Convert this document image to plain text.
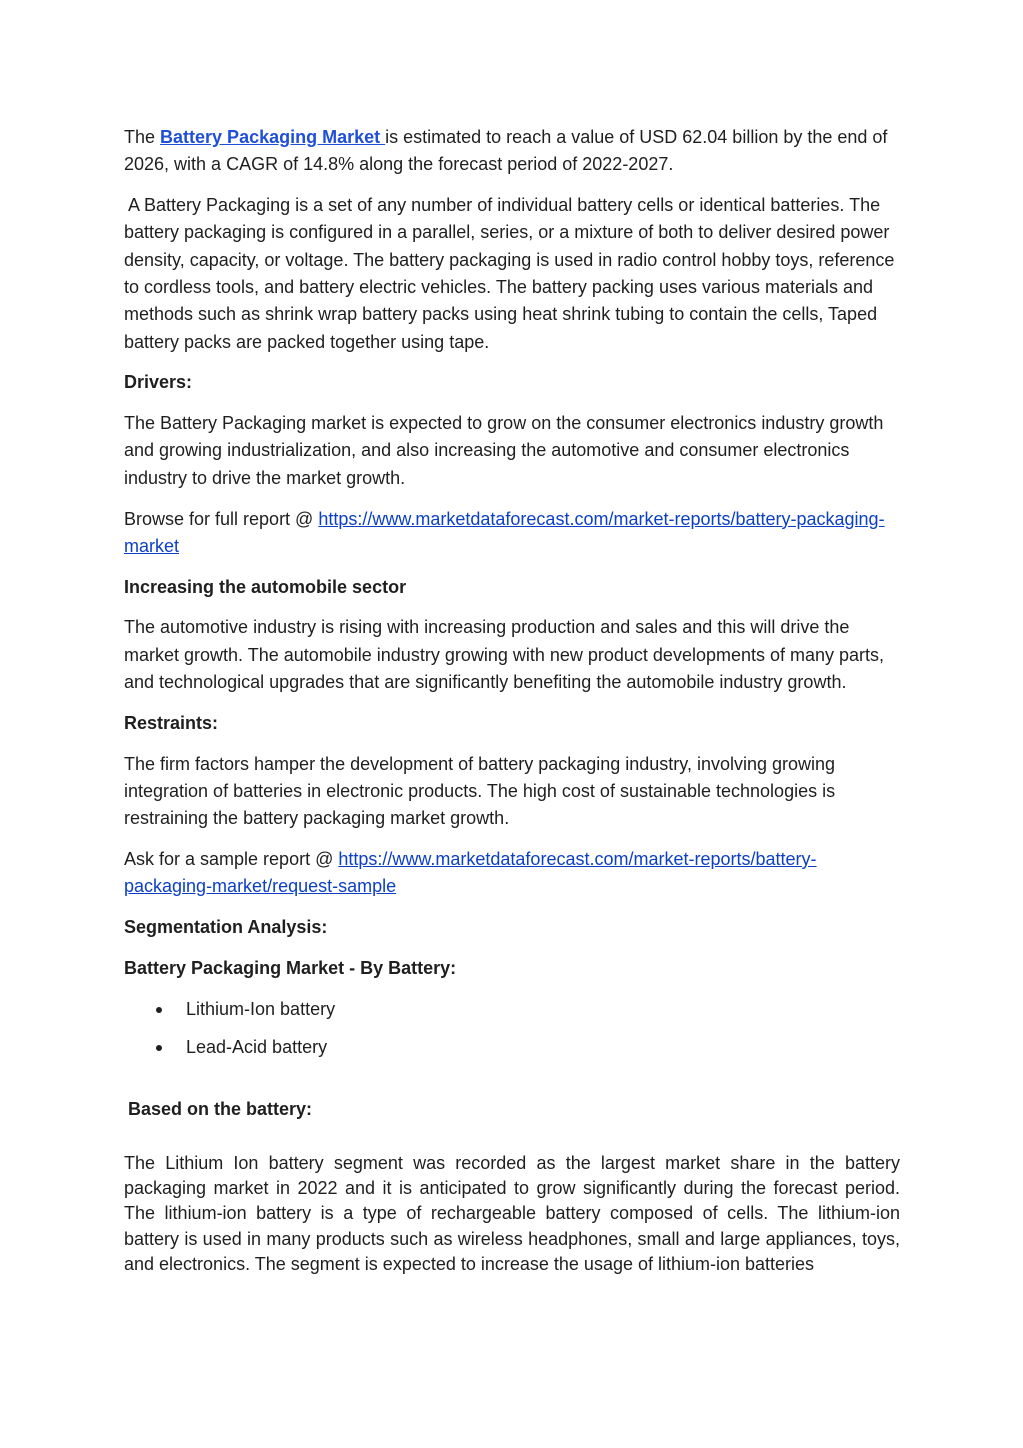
The Battery Packaging Market is estimated to reach a value of USD 62.04 billion by the end of 2026, with a CAGR of 14.8% along the forecast period of 2022-2027.

A Battery Packaging is a set of any number of individual battery cells or identical batteries. The battery packaging is configured in a parallel, series, or a mixture of both to deliver desired power density, capacity, or voltage. The battery packaging is used in radio control hobby toys, reference to cordless tools, and battery electric vehicles. The battery packing uses various materials and methods such as shrink wrap battery packs using heat shrink tubing to contain the cells, Taped battery packs are packed together using tape.

Drivers:

The Battery Packaging market is expected to grow on the consumer electronics industry growth and growing industrialization, and also increasing the automotive and consumer electronics industry to drive the market growth.

Browse for full report @ https://www.marketdataforecast.com/market-reports/battery-packaging-market

Increasing the automobile sector

The automotive industry is rising with increasing production and sales and this will drive the market growth. The automobile industry growing with new product developments of many parts, and technological upgrades that are significantly benefiting the automobile industry growth.

Restraints:

The firm factors hamper the development of battery packaging industry, involving growing integration of batteries in electronic products. The high cost of sustainable technologies is restraining the battery packaging market growth.

Ask for a sample report @ https://www.marketdataforecast.com/market-reports/battery-packaging-market/request-sample

Segmentation Analysis:

Battery Packaging Market - By Battery:

Lithium-Ion battery
Lead-Acid battery

Based on the battery:

The Lithium Ion battery segment was recorded as the largest market share in the battery packaging market in 2022 and it is anticipated to grow significantly during the forecast period. The lithium-ion battery is a type of rechargeable battery composed of cells. The lithium-ion battery is used in many products such as wireless headphones, small and large appliances, toys, and electronics. The segment is expected to increase the usage of lithium-ion batteries
